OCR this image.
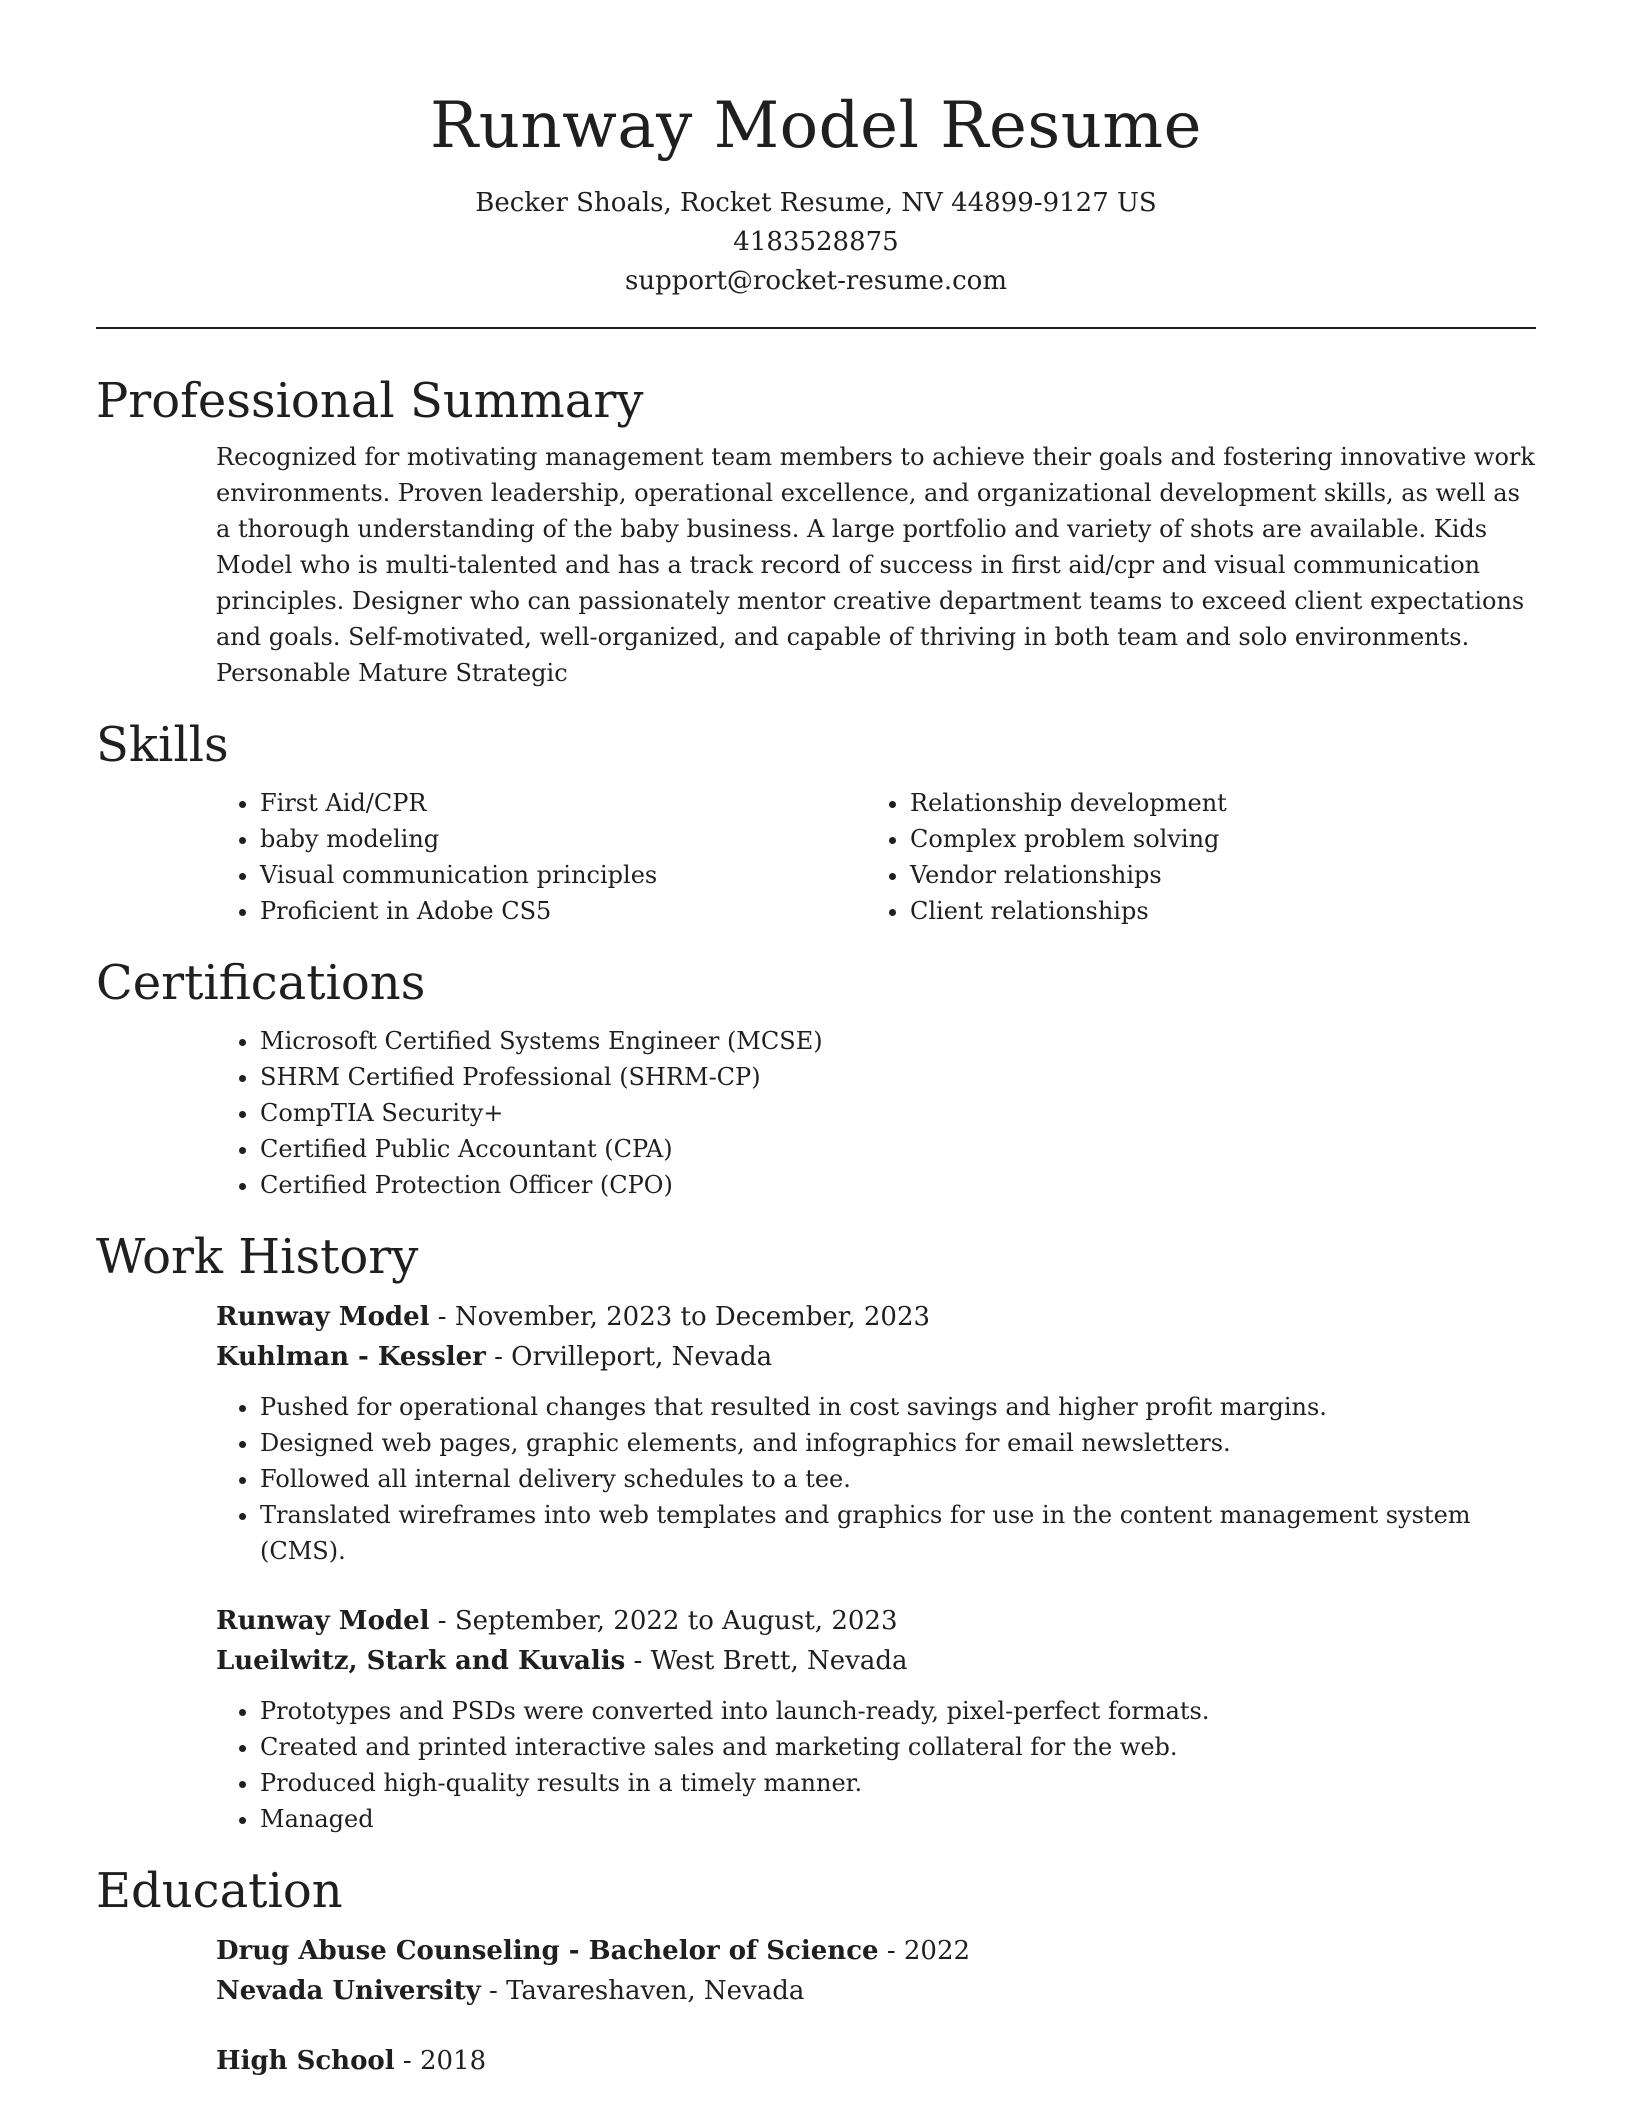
Runway Model Resume
Becker Shoals, Rocket Resume, NV 44899-9127 US
4183528875
support@rocket-resume.com
Professional Summary

Recognized for motivating management team members to achieve their goals and fostering innovative work environments. Proven leadership, operational excellence, and organizational development skills, as well as a thorough understanding of the baby business. A large portfolio and variety of shots are available. Kids Model who is multi-talented and has a track record of success in first aid/cpr and visual communication principles. Designer who can passionately mentor creative department teams to exceed client expectations and goals. Self-motivated, well-organized, and capable of thriving in both team and solo environments. Personable Mature Strategic

Skills
• First Aid/CPR
• baby modeling
• Visual communication principles
• Proficient in Adobe CS5
• Relationship development
• Complex problem solving
• Vendor relationships
• Client relationships
Certifications
• Microsoft Certified Systems Engineer (MCSE)
• SHRM Certified Professional (SHRM-CP)
• CompTIA Security+
• Certified Public Accountant (CPA)
• Certified Protection Officer (CPO)
Work History
Runway Model - November, 2023 to December, 2023
Kuhlman - Kessler - Orvilleport, Nevada
• Pushed for operational changes that resulted in cost savings and higher profit margins.
• Designed web pages, graphic elements, and infographics for email newsletters.
• Followed all internal delivery schedules to a tee.
• Translated wireframes into web templates and graphics for use in the content management system (CMS).
Runway Model - September, 2022 to August, 2023
Lueilwitz, Stark and Kuvalis - West Brett, Nevada
• Prototypes and PSDs were converted into launch-ready, pixel-perfect formats.
• Created and printed interactive sales and marketing collateral for the web.
• Produced high-quality results in a timely manner.
• Managed
Education
Drug Abuse Counseling - Bachelor of Science - 2022
Nevada University - Tavareshaven, Nevada
High School - 2018
